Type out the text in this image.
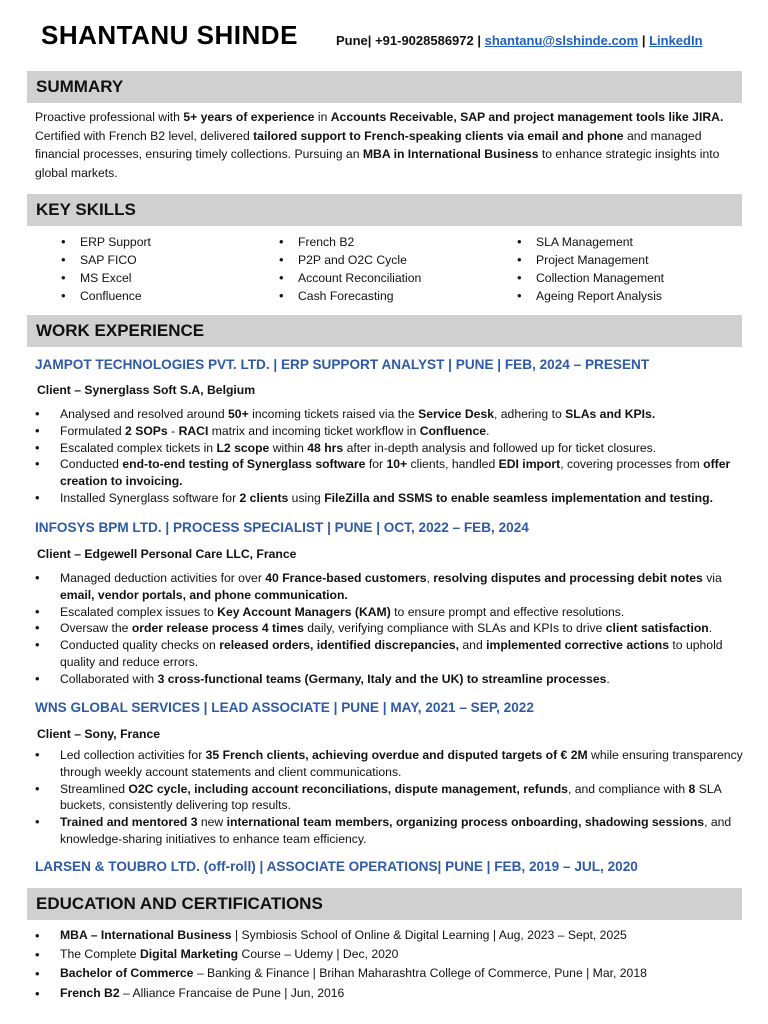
SHANTANU SHINDE	Pune| +91-9028586972 | shantanu@slshinde.com | LinkedIn
SUMMARY
Proactive professional with 5+ years of experience in Accounts Receivable, SAP and project management tools like JIRA. Certified with French B2 level, delivered tailored support to French-speaking clients via email and phone and managed financial processes, ensuring timely collections. Pursuing an MBA in International Business to enhance strategic insights into global markets.
KEY SKILLS
• ERP Support
• SAP FICO
• MS Excel
• Confluence
• French B2
• P2P and O2C Cycle
• Account Reconciliation
• Cash Forecasting
• SLA Management
• Project Management
• Collection Management
• Ageing Report Analysis
WORK EXPERIENCE
JAMPOT TECHNOLOGIES PVT. LTD. | ERP SUPPORT ANALYST | PUNE | FEB, 2024 – PRESENT
Client – Synerglass Soft S.A, Belgium
• Analysed and resolved around 50+ incoming tickets raised via the Service Desk, adhering to SLAs and KPIs.
• Formulated 2 SOPs - RACI matrix and incoming ticket workflow in Confluence.
• Escalated complex tickets in L2 scope within 48 hrs after in-depth analysis and followed up for ticket closures.
• Conducted end-to-end testing of Synerglass software for 10+ clients, handled EDI import, covering processes from offer creation to invoicing.
• Installed Synerglass software for 2 clients using FileZilla and SSMS to enable seamless implementation and testing.
INFOSYS BPM LTD. | PROCESS SPECIALIST | PUNE | OCT, 2022 – FEB, 2024
Client – Edgewell Personal Care LLC, France
• Managed deduction activities for over 40 France-based customers, resolving disputes and processing debit notes via email, vendor portals, and phone communication.
• Escalated complex issues to Key Account Managers (KAM) to ensure prompt and effective resolutions.
• Oversaw the order release process 4 times daily, verifying compliance with SLAs and KPIs to drive client satisfaction.
• Conducted quality checks on released orders, identified discrepancies, and implemented corrective actions to uphold quality and reduce errors.
• Collaborated with 3 cross-functional teams (Germany, Italy and the UK) to streamline processes.
WNS GLOBAL SERVICES | LEAD ASSOCIATE | PUNE | MAY, 2021 – SEP, 2022
Client – Sony, France
• Led collection activities for 35 French clients, achieving overdue and disputed targets of € 2M while ensuring transparency through weekly account statements and client communications.
• Streamlined O2C cycle, including account reconciliations, dispute management, refunds, and compliance with 8 SLA buckets, consistently delivering top results.
• Trained and mentored 3 new international team members, organizing process onboarding, shadowing sessions, and knowledge-sharing initiatives to enhance team efficiency.
LARSEN & TOUBRO LTD. (off-roll) | ASSOCIATE OPERATIONS| PUNE | FEB, 2019 – JUL, 2020
EDUCATION AND CERTIFICATIONS
• MBA – International Business | Symbiosis School of Online & Digital Learning | Aug, 2023 – Sept, 2025
• The Complete Digital Marketing Course – Udemy | Dec, 2020
• Bachelor of Commerce – Banking & Finance | Brihan Maharashtra College of Commerce, Pune | Mar, 2018
• French B2 – Alliance Francaise de Pune | Jun, 2016
